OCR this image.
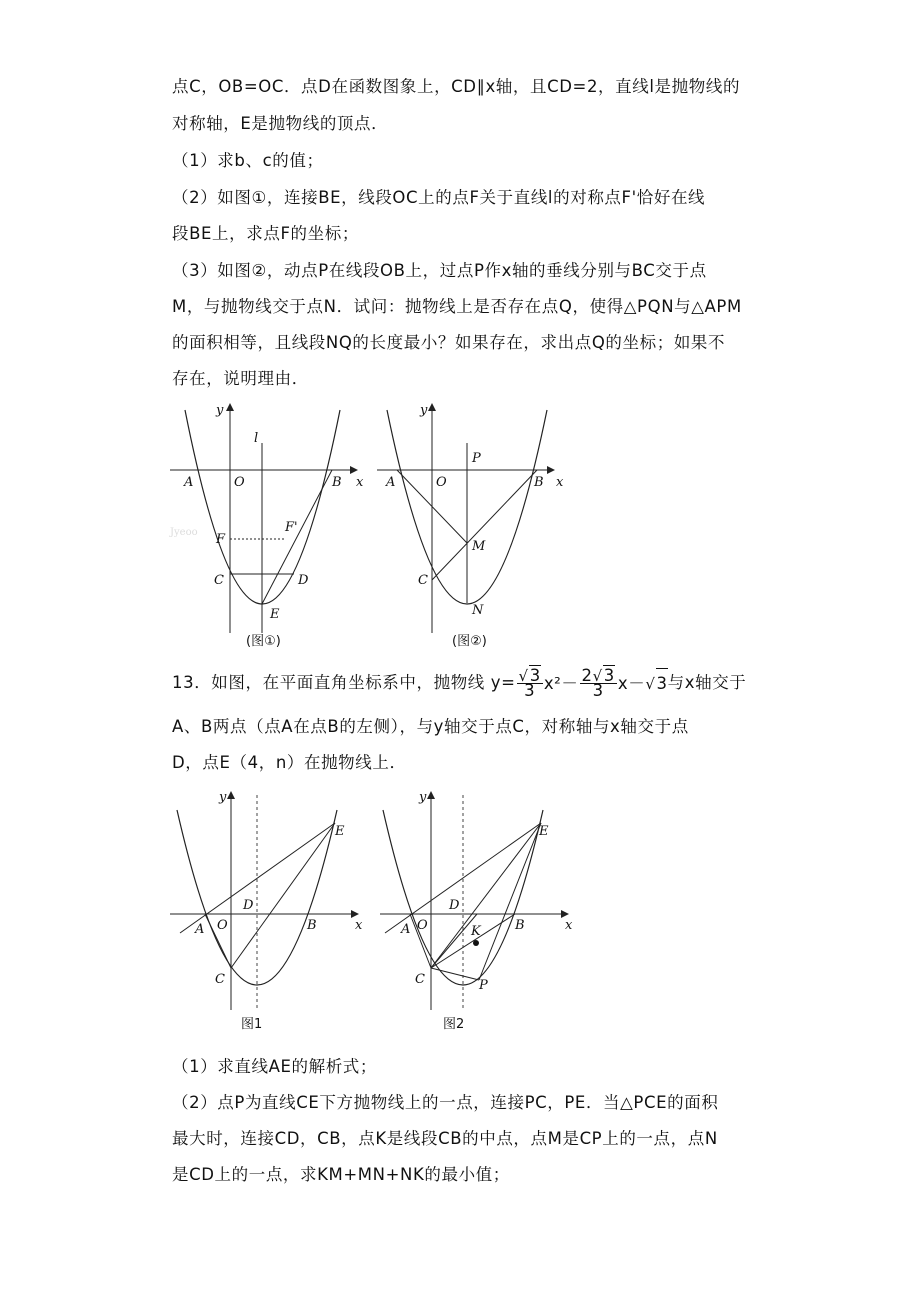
点C，OB=OC．点D在函数图象上，CD∥x轴，且CD=2，直线l是抛物线的
对称轴，E是抛物线的顶点．
（1）求b、c的值；
（2）如图①，连接BE，线段OC上的点F关于直线l的对称点F'恰好在线
段BE上，求点F的坐标；
（3）如图②，动点P在线段OB上，过点P作x轴的垂线分别与BC交于点
M，与抛物线交于点N．试问：抛物线上是否存在点Q，使得△PQN与△APM
的面积相等，且线段NQ的长度最小？如果存在，求出点Q的坐标；如果不
存在，说明理由．
Jyeoo
x
y
l
A	O	B
F
F'
C	D
E
(图①)
x
y
P
A	O	B
M
C
N
(图②)
13．如图，在平面直角坐标系中，抛物线 $y= \frac{√3}{3} x^2- \frac{2√3}{3} x-$ √ 3 与x轴交于
A、B两点（点A在点B的左侧），与y轴交于点C，对称轴与x轴交于点
D，点E（4，n）在抛物线上．
x
y
A O	B
D
E
C
图1
x
y
A O	B
D
E
K
C	P
图2
（1）求直线AE的解析式；
（2）点P为直线CE下方抛物线上的一点，连接PC，PE．当△PCE的面积
最大时，连接CD，CB，点K是线段CB的中点，点M是CP上的一点，点N
是CD上的一点，求KM+MN+NK的最小值；
